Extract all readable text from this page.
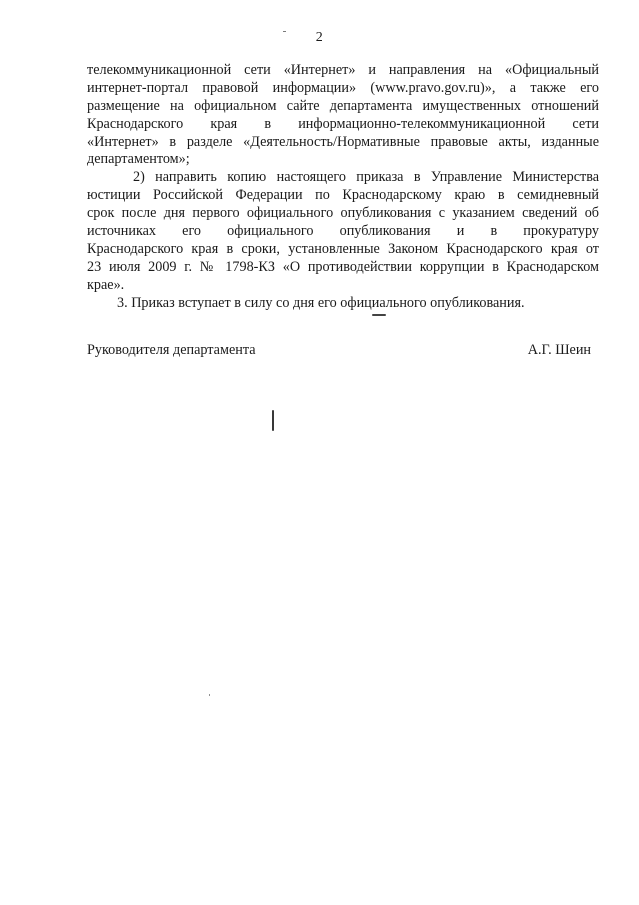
2
телекоммуникационной сети «Интернет» и направления на «Официальный
интернет-портал правовой информации» (www.pravo.gov.ru)», а также его
размещение на официальном сайте департамента имущественных отношений
Краснодарского края в информационно-телекоммуникационной сети
«Интернет» в разделе «Деятельность/Нормативные правовые акты, изданные
департаментом»;
2) направить копию настоящего приказа в Управление Министерства
юстиции Российской Федерации по Краснодарскому краю в семидневный
срок после дня первого официального опубликования с указанием сведений об
источниках его официального опубликования и в прокуратуру
Краснодарского края в сроки, установленные Законом Краснодарского края от
23 июля 2009 г. № 1798-КЗ «О противодействии коррупции в Краснодарском
крае».
3. Приказ вступает в силу со дня его официального опубликования.
Руководителя департамента	А.Г. Шеин
